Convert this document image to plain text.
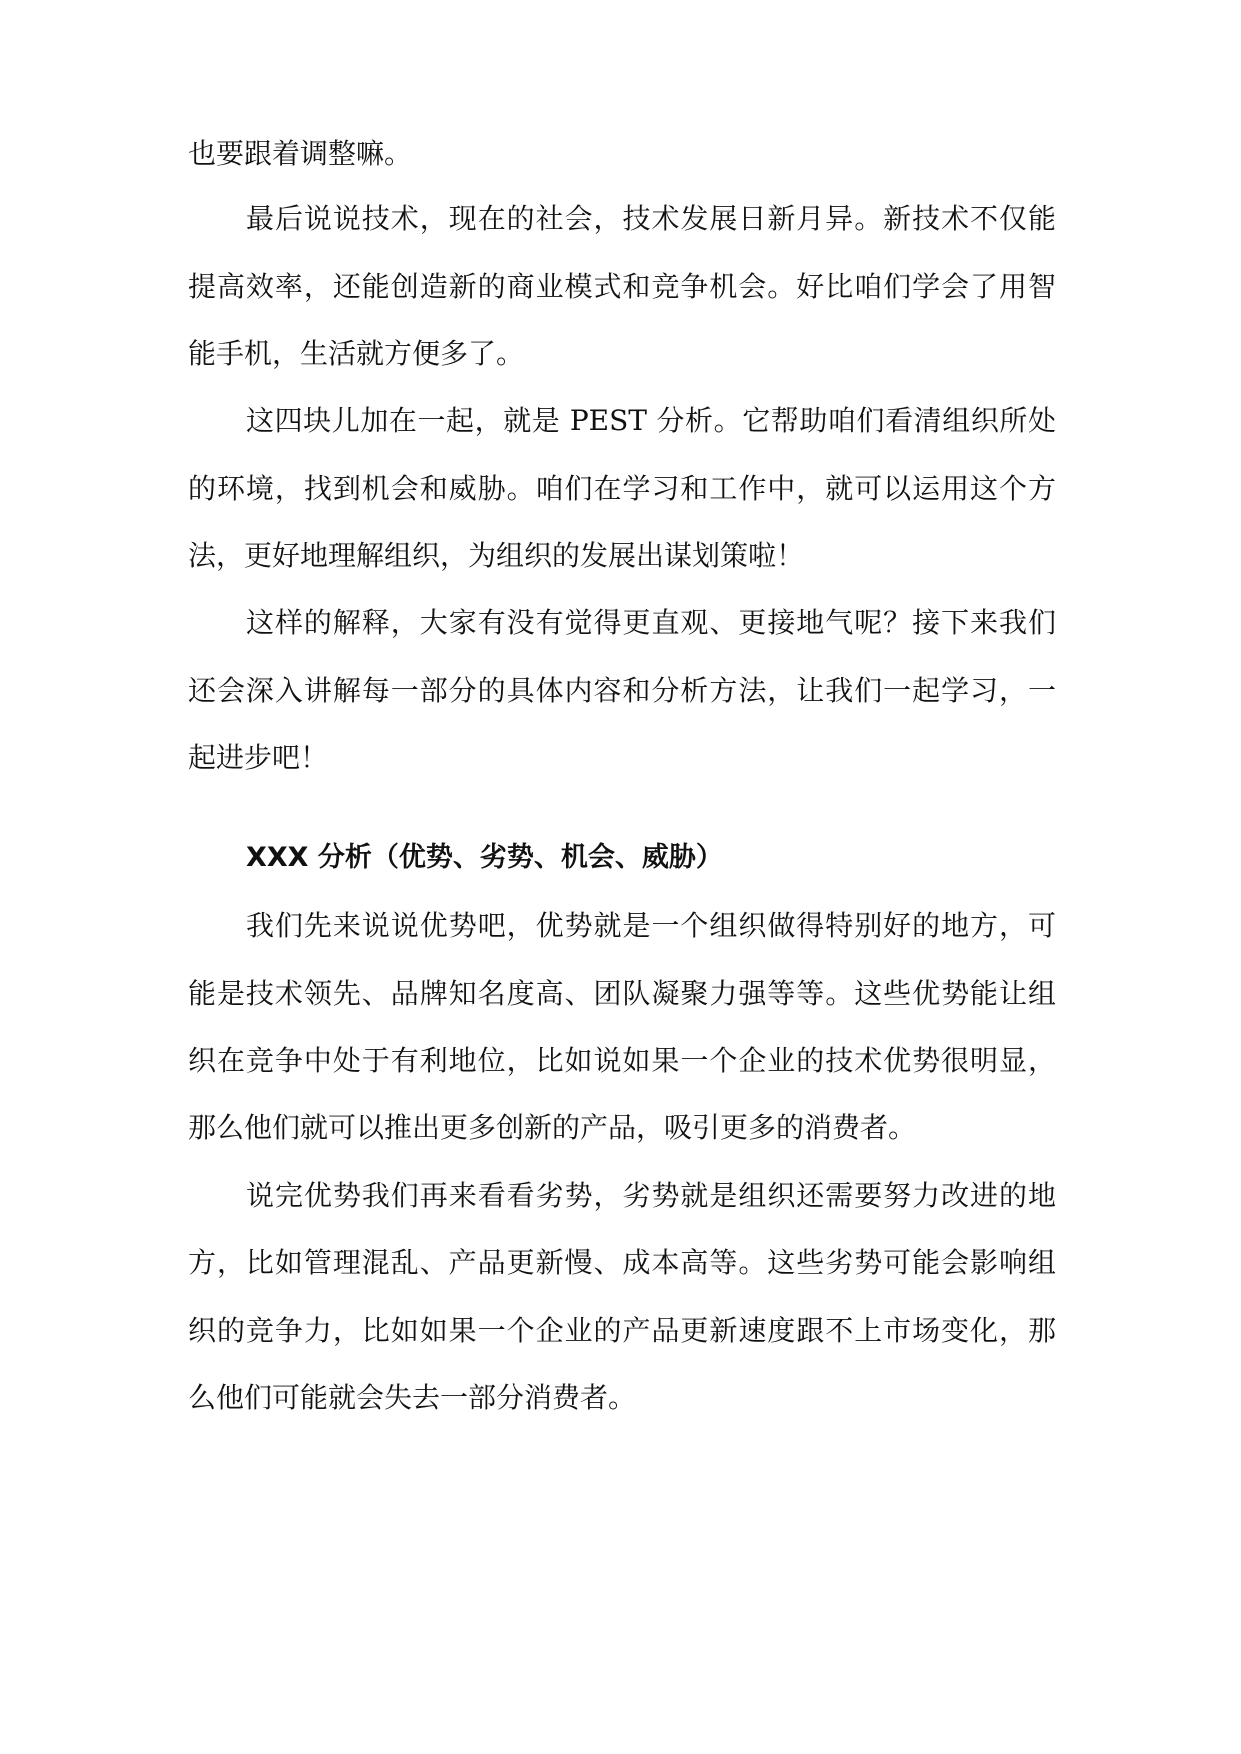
也要跟着调整嘛。
最后说说技术，现在的社会，技术发展日新月异。新技术不仅能
提高效率，还能创造新的商业模式和竞争机会。好比咱们学会了用智
能手机，生活就方便多了。
这四块儿加在一起，就是 PEST 分析。它帮助咱们看清组织所处
的环境，找到机会和威胁。咱们在学习和工作中，就可以运用这个方
法，更好地理解组织，为组织的发展出谋划策啦！
这样的解释，大家有没有觉得更直观、更接地气呢？接下来我们
还会深入讲解每一部分的具体内容和分析方法，让我们一起学习，一
起进步吧！
XXX 分析（优势、劣势、机会、威胁）
我们先来说说优势吧，优势就是一个组织做得特别好的地方，可
能是技术领先、品牌知名度高、团队凝聚力强等等。这些优势能让组
织在竞争中处于有利地位，比如说如果一个企业的技术优势很明显，
那么他们就可以推出更多创新的产品，吸引更多的消费者。
说完优势我们再来看看劣势，劣势就是组织还需要努力改进的地
方，比如管理混乱、产品更新慢、成本高等。这些劣势可能会影响组
织的竞争力，比如如果一个企业的产品更新速度跟不上市场变化，那
么他们可能就会失去一部分消费者。
